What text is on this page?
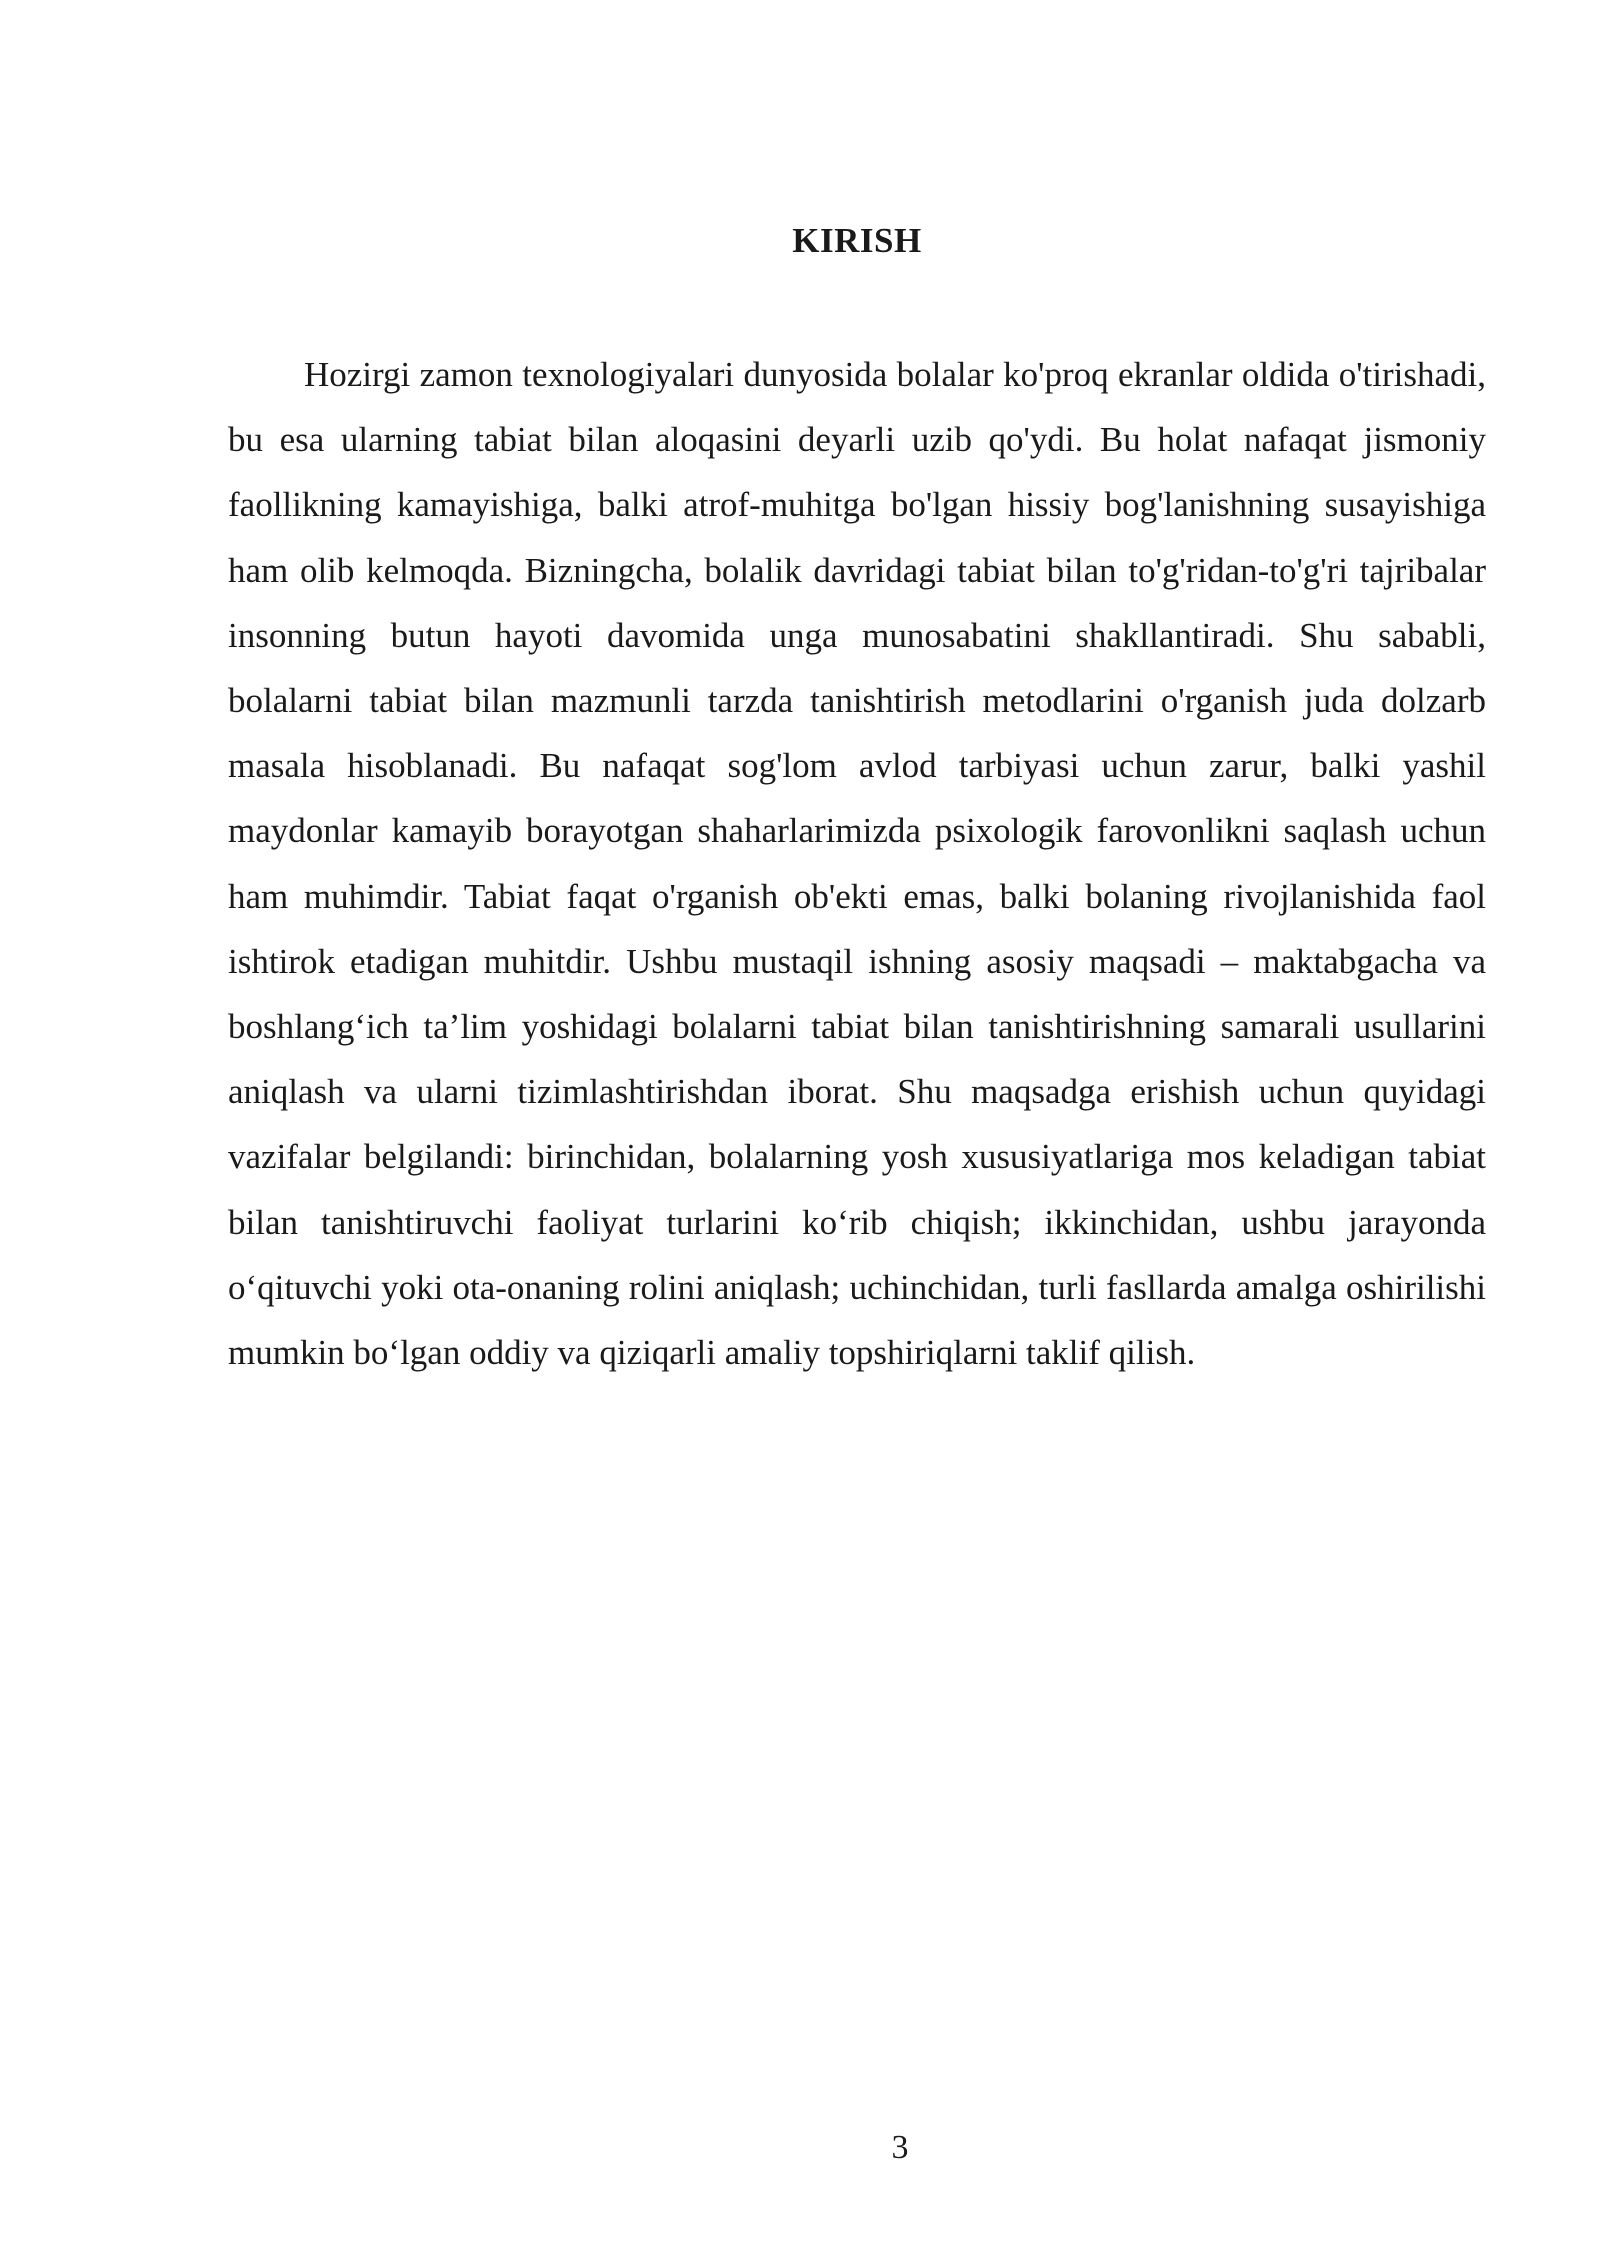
KIRISH

Hozirgi zamon texnologiyalari dunyosida bolalar ko'proq ekranlar oldida o'tirishadi, bu esa ularning tabiat bilan aloqasini deyarli uzib qo'ydi. Bu holat nafaqat jismoniy faollikning kamayishiga, balki atrof-muhitga bo'lgan hissiy bog'lanishning susayishiga ham olib kelmoqda. Bizningcha, bolalik davridagi tabiat bilan to'g'ridan-to'g'ri tajribalar insonning butun hayoti davomida unga munosabatini shakllantiradi. Shu sababli, bolalarni tabiat bilan mazmunli tarzda tanishtirish metodlarini o'rganish juda dolzarb masala hisoblanadi. Bu nafaqat sog'lom avlod tarbiyasi uchun zarur, balki yashil maydonlar kamayib borayotgan shaharlarimizda psixologik farovonlikni saqlash uchun ham muhimdir. Tabiat faqat o'rganish ob'ekti emas, balki bolaning rivojlanishida faol ishtirok etadigan muhitdir. Ushbu mustaqil ishning asosiy maqsadi – maktabgacha va boshlang‘ich ta’lim yoshidagi bolalarni tabiat bilan tanishtirishning samarali usullarini aniqlash va ularni tizimlashtirishdan iborat. Shu maqsadga erishish uchun quyidagi vazifalar belgilandi: birinchidan, bolalarning yosh xususiyatlariga mos keladigan tabiat bilan tanishtiruvchi faoliyat turlarini ko‘rib chiqish; ikkinchidan, ushbu jarayonda o‘qituvchi yoki ota-onaning rolini aniqlash; uchinchidan, turli fasllarda amalga oshirilishi mumkin bo‘lgan oddiy va qiziqarli amaliy topshiriqlarni taklif qilish.

3
